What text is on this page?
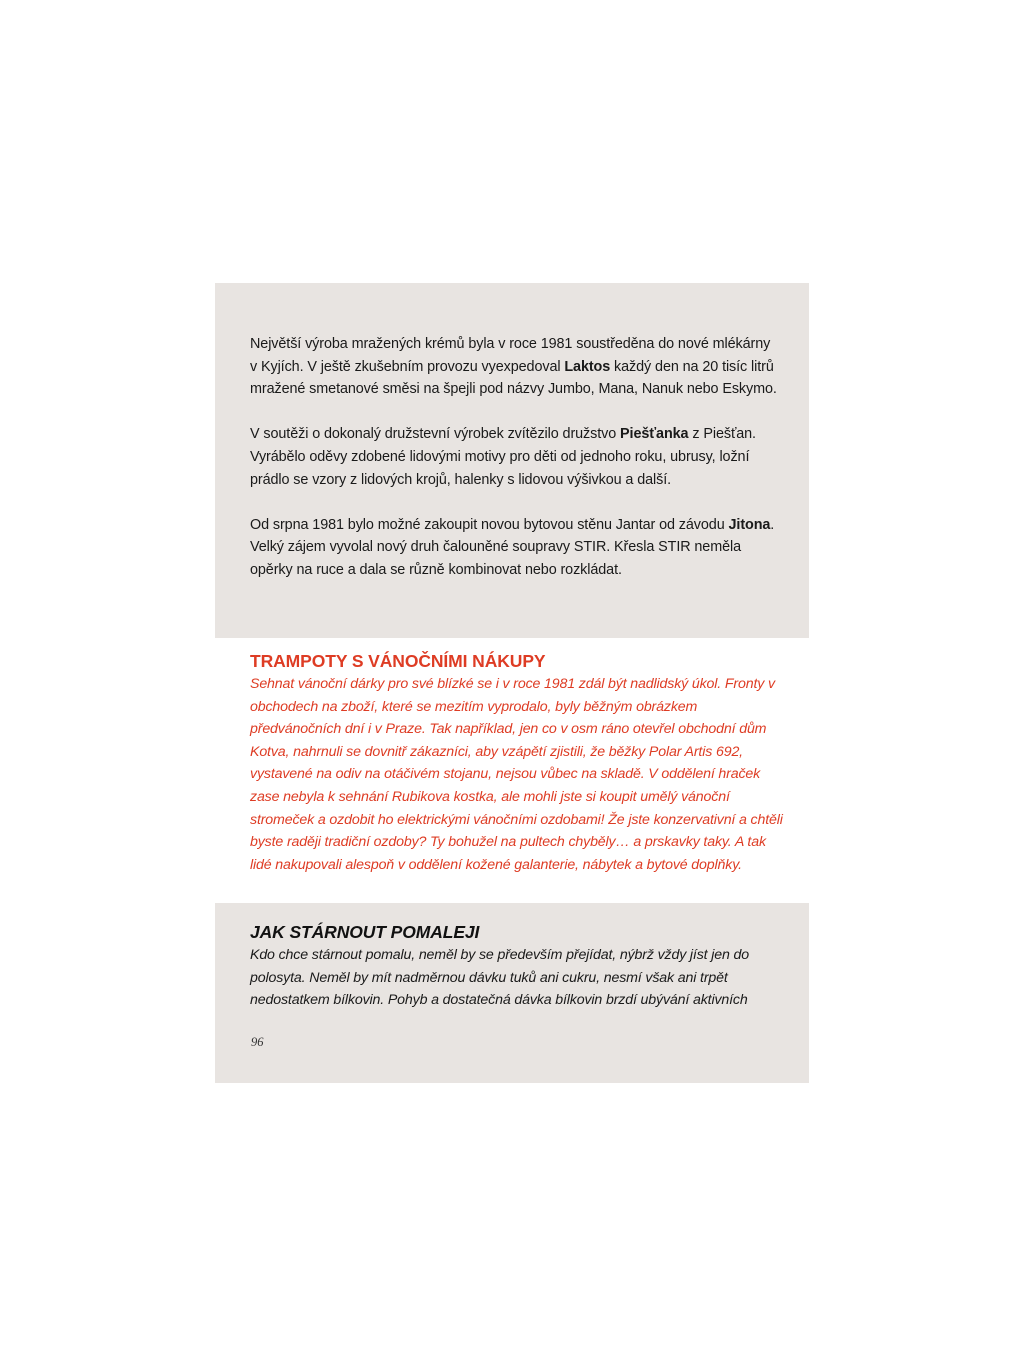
Největší výroba mražených krémů byla v roce 1981 soustředěna do nové mlékárny v Kyjích. V ještě zkušebním provozu vyexpedoval Laktos každý den na 20 tisíc litrů mražené smetanové směsi na špejli pod názvy Jumbo, Mana, Nanuk nebo Eskymo.

V soutěži o dokonalý družstevní výrobek zvítězilo družstvo Piešťanka z Piešťan. Vyrábělo oděvy zdobené lidovými motivy pro děti od jednoho roku, ubrusy, ložní prádlo se vzory z lidových krojů, halenky s lidovou výšivkou a další.

Od srpna 1981 bylo možné zakoupit novou bytovou stěnu Jantar od závodu Jitona. Velký zájem vyvolal nový druh čalouněné soupravy STIR. Křesla STIR neměla opěrky na ruce a dala se různě kombinovat nebo rozkládat.

TRAMPOTY S VÁNOČNÍMI NÁKUPY

Sehnat vánoční dárky pro své blízké se i v roce 1981 zdál být nadlidský úkol. Fronty v obchodech na zboží, které se mezitím vyprodalo, byly běžným obrázkem předvánočních dní i v Praze. Tak například, jen co v osm ráno otevřel obchodní dům Kotva, nahrnuli se dovnitř zákazníci, aby vzápětí zjistili, že běžky Polar Artis 692, vystavené na odiv na otáčivém stojanu, nejsou vůbec na skladě. V oddělení hraček zase nebyla k sehnání Rubikova kostka, ale mohli jste si koupit umělý vánoční stromeček a ozdobit ho elektrickými vánočními ozdobami! Že jste konzervativní a chtěli byste raději tradiční ozdoby? Ty bohužel na pultech chyběly… a prskavky taky. A tak lidé nakupovali alespoň v oddělení kožené galanterie, nábytek a bytové doplňky.

JAK STÁRNOUT POMALEJI

Kdo chce stárnout pomalu, neměl by se především přejídat, nýbrž vždy jíst jen do polosyta. Neměl by mít nadměrnou dávku tuků ani cukru, nesmí však ani trpět nedostatkem bílkovin. Pohyb a dostatečná dávka bílkovin brzdí ubývání aktivních

96
